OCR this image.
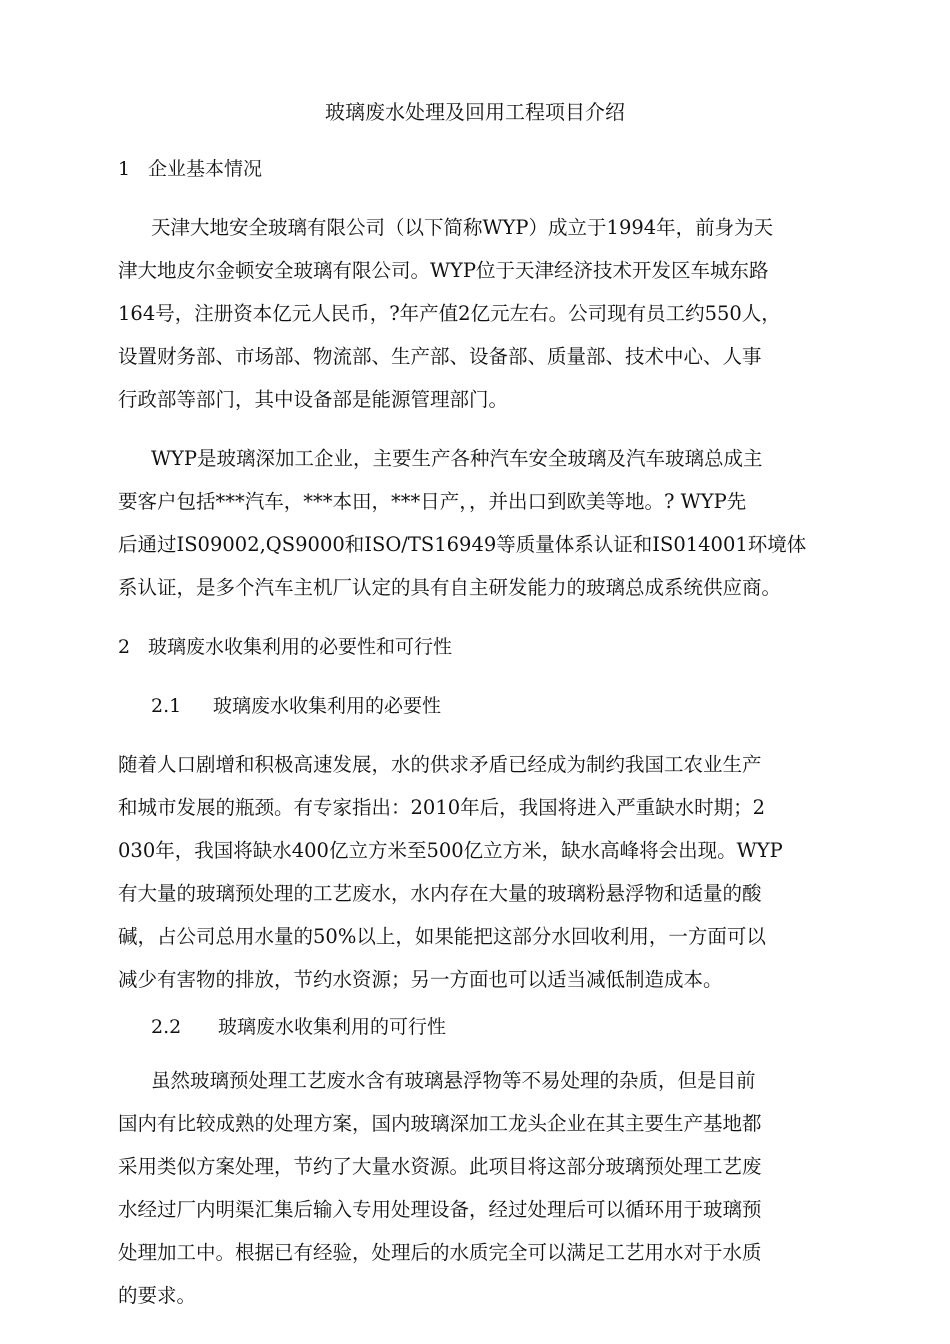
玻璃废水处理及回用工程项目介绍
1 企业基本情况

天津大地安全玻璃有限公司（以下简称WYP）成立于1994年，前身为天

津大地皮尔金顿安全玻璃有限公司。WYP位于天津经济技术开发区车城东路

164号，注册资本亿元人民币，?年产值2亿元左右。公司现有员工约550人，

设置财务部、市场部、物流部、生产部、设备部、质量部、技术中心、人事

行政部等部门，其中设备部是能源管理部门。

WYP是玻璃深加工企业，主要生产各种汽车安全玻璃及汽车玻璃总成主

要客户包括***汽车，***本田，***日产，，并出口到欧美等地。? WYP先

后通过IS09002,QS9000和ISO/TS16949等质量体系认证和IS014001环境体

系认证，是多个汽车主机厂认定的具有自主研发能力的玻璃总成系统供应商。

2 玻璃废水收集利用的必要性和可行性
2.1 玻璃废水收集利用的必要性

随着人口剧增和积极高速发展，水的供求矛盾已经成为制约我国工农业生产

和城市发展的瓶颈。有专家指出：2010年后，我国将进入严重缺水时期；2

030年，我国将缺水400亿立方米至500亿立方米，缺水高峰将会出现。WYP

有大量的玻璃预处理的工艺废水，水内存在大量的玻璃粉悬浮物和适量的酸

碱，占公司总用水量的50%以上，如果能把这部分水回收利用，一方面可以

减少有害物的排放，节约水资源；另一方面也可以适当减低制造成本。

2.2 玻璃废水收集利用的可行性

虽然玻璃预处理工艺废水含有玻璃悬浮物等不易处理的杂质，但是目前

国内有比较成熟的处理方案，国内玻璃深加工龙头企业在其主要生产基地都

采用类似方案处理，节约了大量水资源。此项目将这部分玻璃预处理工艺废

水经过厂内明渠汇集后输入专用处理设备，经过处理后可以循环用于玻璃预

处理加工中。根据已有经验，处理后的水质完全可以满足工艺用水对于水质

的要求。
